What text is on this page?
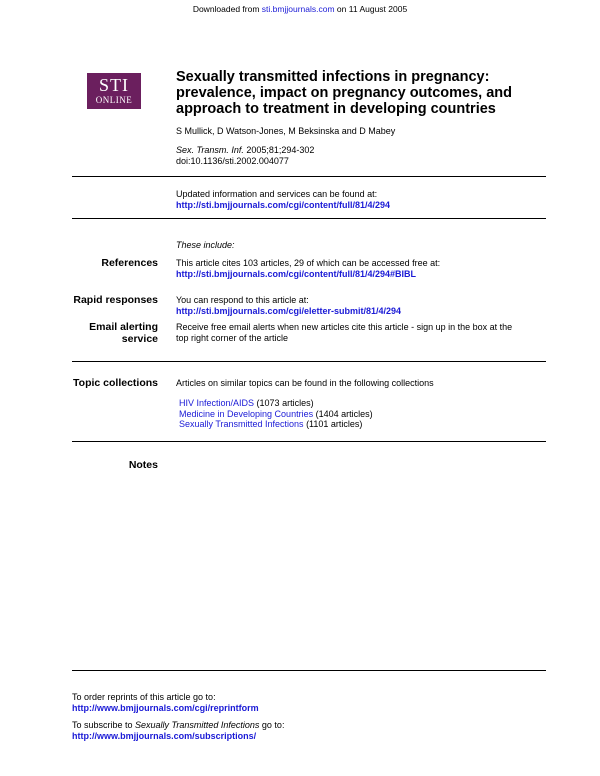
Downloaded from sti.bmjjournals.com on 11 August 2005
STI
ONLINE
Sexually transmitted infections in pregnancy:
prevalence, impact on pregnancy outcomes, and
approach to treatment in developing countries
S Mullick, D Watson-Jones, M Beksinska and D Mabey
Sex. Transm. Inf. 2005;81;294-302
doi:10.1136/sti.2002.004077
Updated information and services can be found at:
http://sti.bmjjournals.com/cgi/content/full/81/4/294
These include:
References This article cites 103 articles, 29 of which can be accessed free at:
http://sti.bmjjournals.com/cgi/content/full/81/4/294#BIBL
Rapid responses You can respond to this article at:
http://sti.bmjjournals.com/cgi/eletter-submit/81/4/294
Email alerting
service
Receive free email alerts when new articles cite this article - sign up in the box at the
top right corner of the article
Topic collections Articles on similar topics can be found in the following collections
HIV Infection/AIDS (1073 articles)
Medicine in Developing Countries (1404 articles)
Sexually Transmitted Infections (1101 articles)
Notes
To order reprints of this article go to:
http://www.bmjjournals.com/cgi/reprintform
To subscribe to Sexually Transmitted Infections go to:
http://www.bmjjournals.com/subscriptions/
